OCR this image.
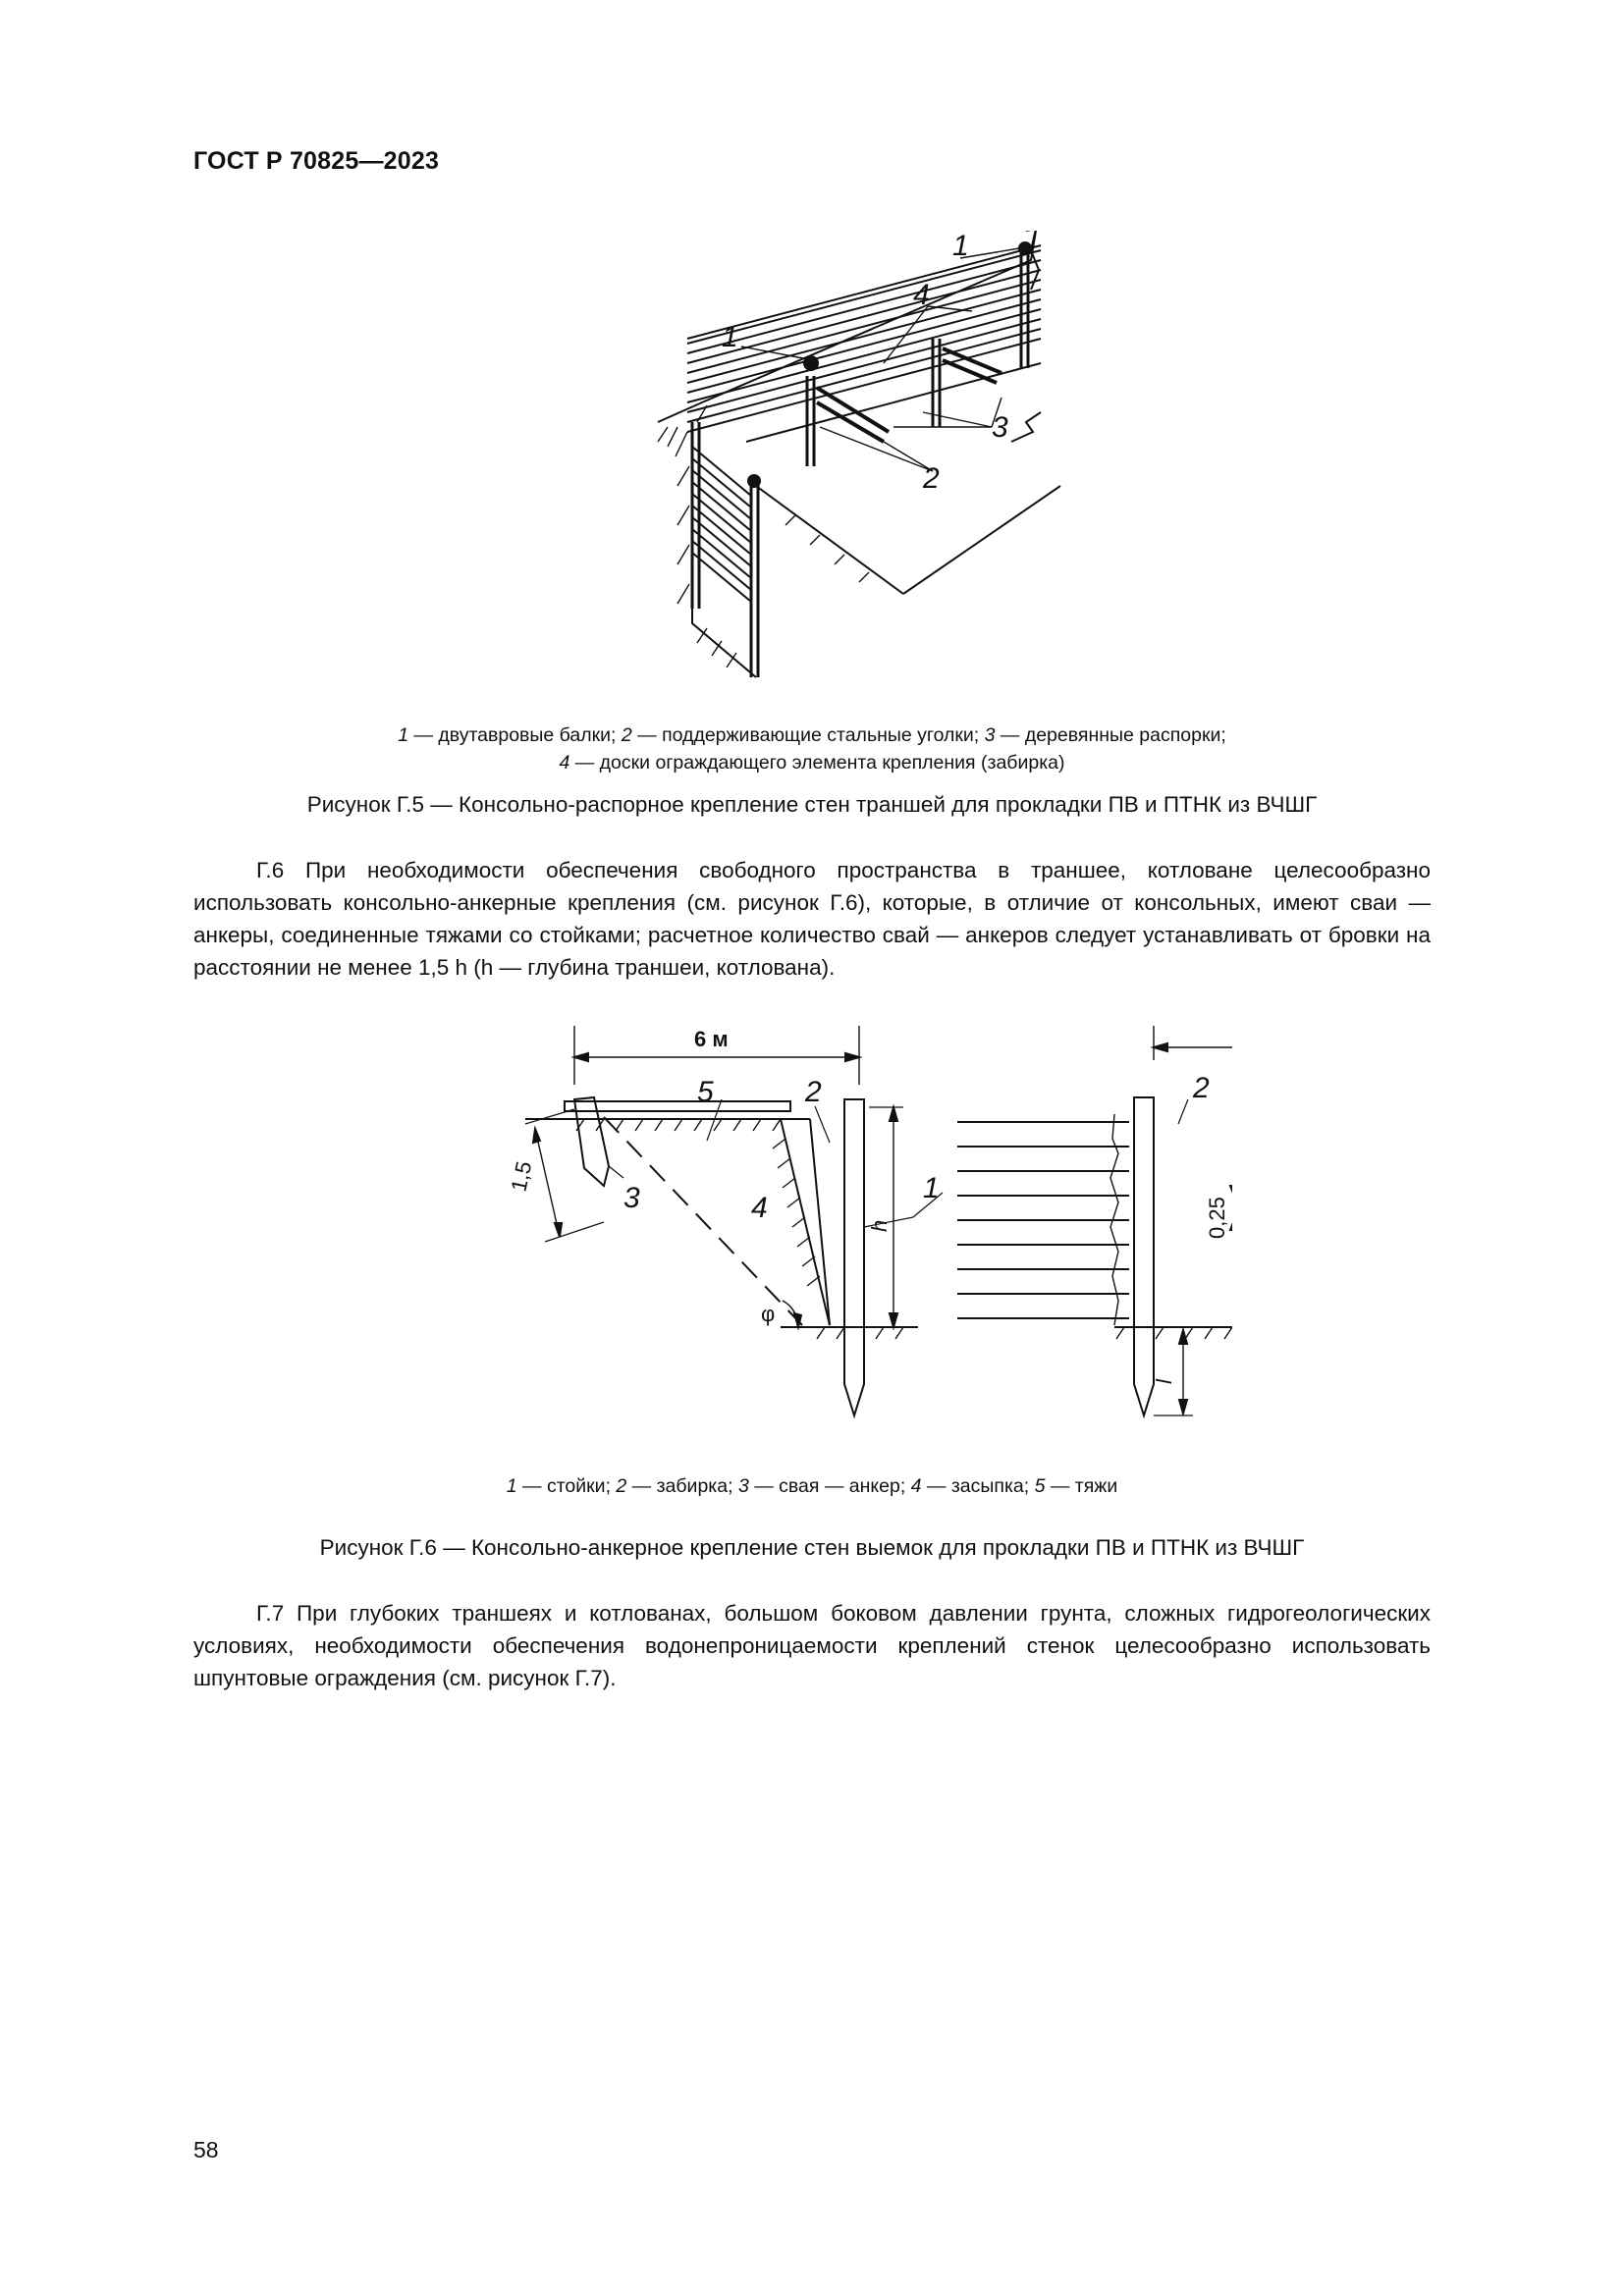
ГОСТ Р 70825—2023
1
1
4
3
2
1 — двутавровые балки; 2 — поддерживающие стальные уголки; 3 — деревянные распорки;
4 — доски ограждающего элемента крепления (забирка)
Рисунок Г.5 — Консольно-распорное крепление стен траншей для прокладки ПВ и ПТНК из ВЧШГ

Г.6 При необходимости обеспечения свободного пространства в траншее, котловане целесообразно использовать консольно-анкерные крепления (см. рисунок Г.6), которые, в отличие от консольных, имеют сваи — анкеры, соединенные тяжами со стойками; расчетное количество свай — анкеров следует устанавливать от бровки на расстоянии не менее 1,5 h (h — глубина траншеи, котлована).

5	2	2
1
3	4
6 м
1,5
h
φ
0,25
l
1 — стойки; 2 — забирка; 3 — свая — анкер; 4 — засыпка; 5 — тяжи
Рисунок Г.6 — Консольно-анкерное крепление стен выемок для прокладки ПВ и ПТНК из ВЧШГ

Г.7 При глубоких траншеях и котлованах, большом боковом давлении грунта, сложных гидрогеологических условиях, необходимости обеспечения водонепроницаемости креплений стенок целесообразно использовать шпунтовые ограждения (см. рисунок Г.7).

58
